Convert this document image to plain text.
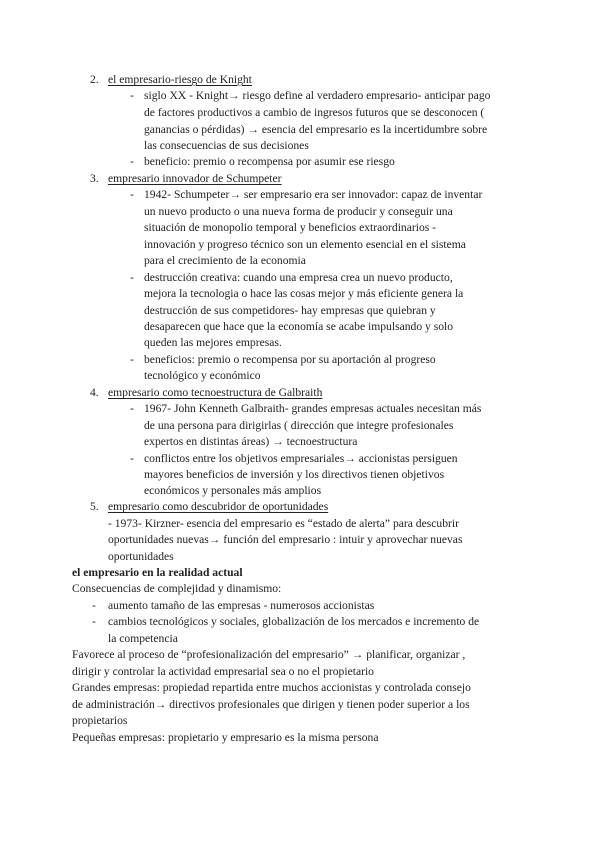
2. el empresario-riesgo de Knight
- siglo XX - Knight→ riesgo define al verdadero empresario- anticipar pago
de factores productivos a cambio de ingresos futuros que se desconocen (
ganancias o pérdidas) → esencia del empresario es la incertidumbre sobre
las consecuencias de sus decisiones
- beneficio: premio o recompensa por asumir ese riesgo
3. empresario innovador de Schumpeter
- 1942- Schumpeter→ ser empresario era ser innovador: capaz de inventar
un nuevo producto o una nueva forma de producir y conseguir una
situación de monopolio temporal y beneficios extraordinarios -
innovación y progreso técnico son un elemento esencial en el sistema
para el crecimiento de la economia
- destrucción creativa: cuando una empresa crea un nuevo producto,
mejora la tecnologia o hace las cosas mejor y más eficiente genera la
destrucción de sus competidores- hay empresas que quiebran y
desaparecen que hace que la economía se acabe impulsando y solo
queden las mejores empresas.
- beneficios: premio o recompensa por su aportación al progreso
tecnológico y económico
4. empresario como tecnoestructura de Galbraith
- 1967- John Kenneth Galbraith- grandes empresas actuales necesitan más
de una persona para dirigirlas ( dirección que integre profesionales
expertos en distintas áreas) → tecnoestructura
- conflictos entre los objetivos empresariales→ accionistas persiguen
mayores beneficios de inversión y los directivos tienen objetivos
económicos y personales más amplios
5. empresario como descubridor de oportunidades
- 1973- Kirzner- esencia del empresario es “estado de alerta” para descubrir
oportunidades nuevas→ función del empresario : intuir y aprovechar nuevas
oportunidades
el empresario en la realidad actual
Consecuencias de complejidad y dinamismo:
- aumento tamaño de las empresas - numerosos accionistas
- cambios tecnológicos y sociales, globalización de los mercados e incremento de
la competencia
Favorece al proceso de “profesionalización del empresario” → planificar, organizar ,
dirigir y controlar la actividad empresarial sea o no el propietario
Grandes empresas: propiedad repartida entre muchos accionistas y controlada consejo
de administración→ directivos profesionales que dirigen y tienen poder superior a los
propietarios
Pequeñas empresas: propietario y empresario es la misma persona
